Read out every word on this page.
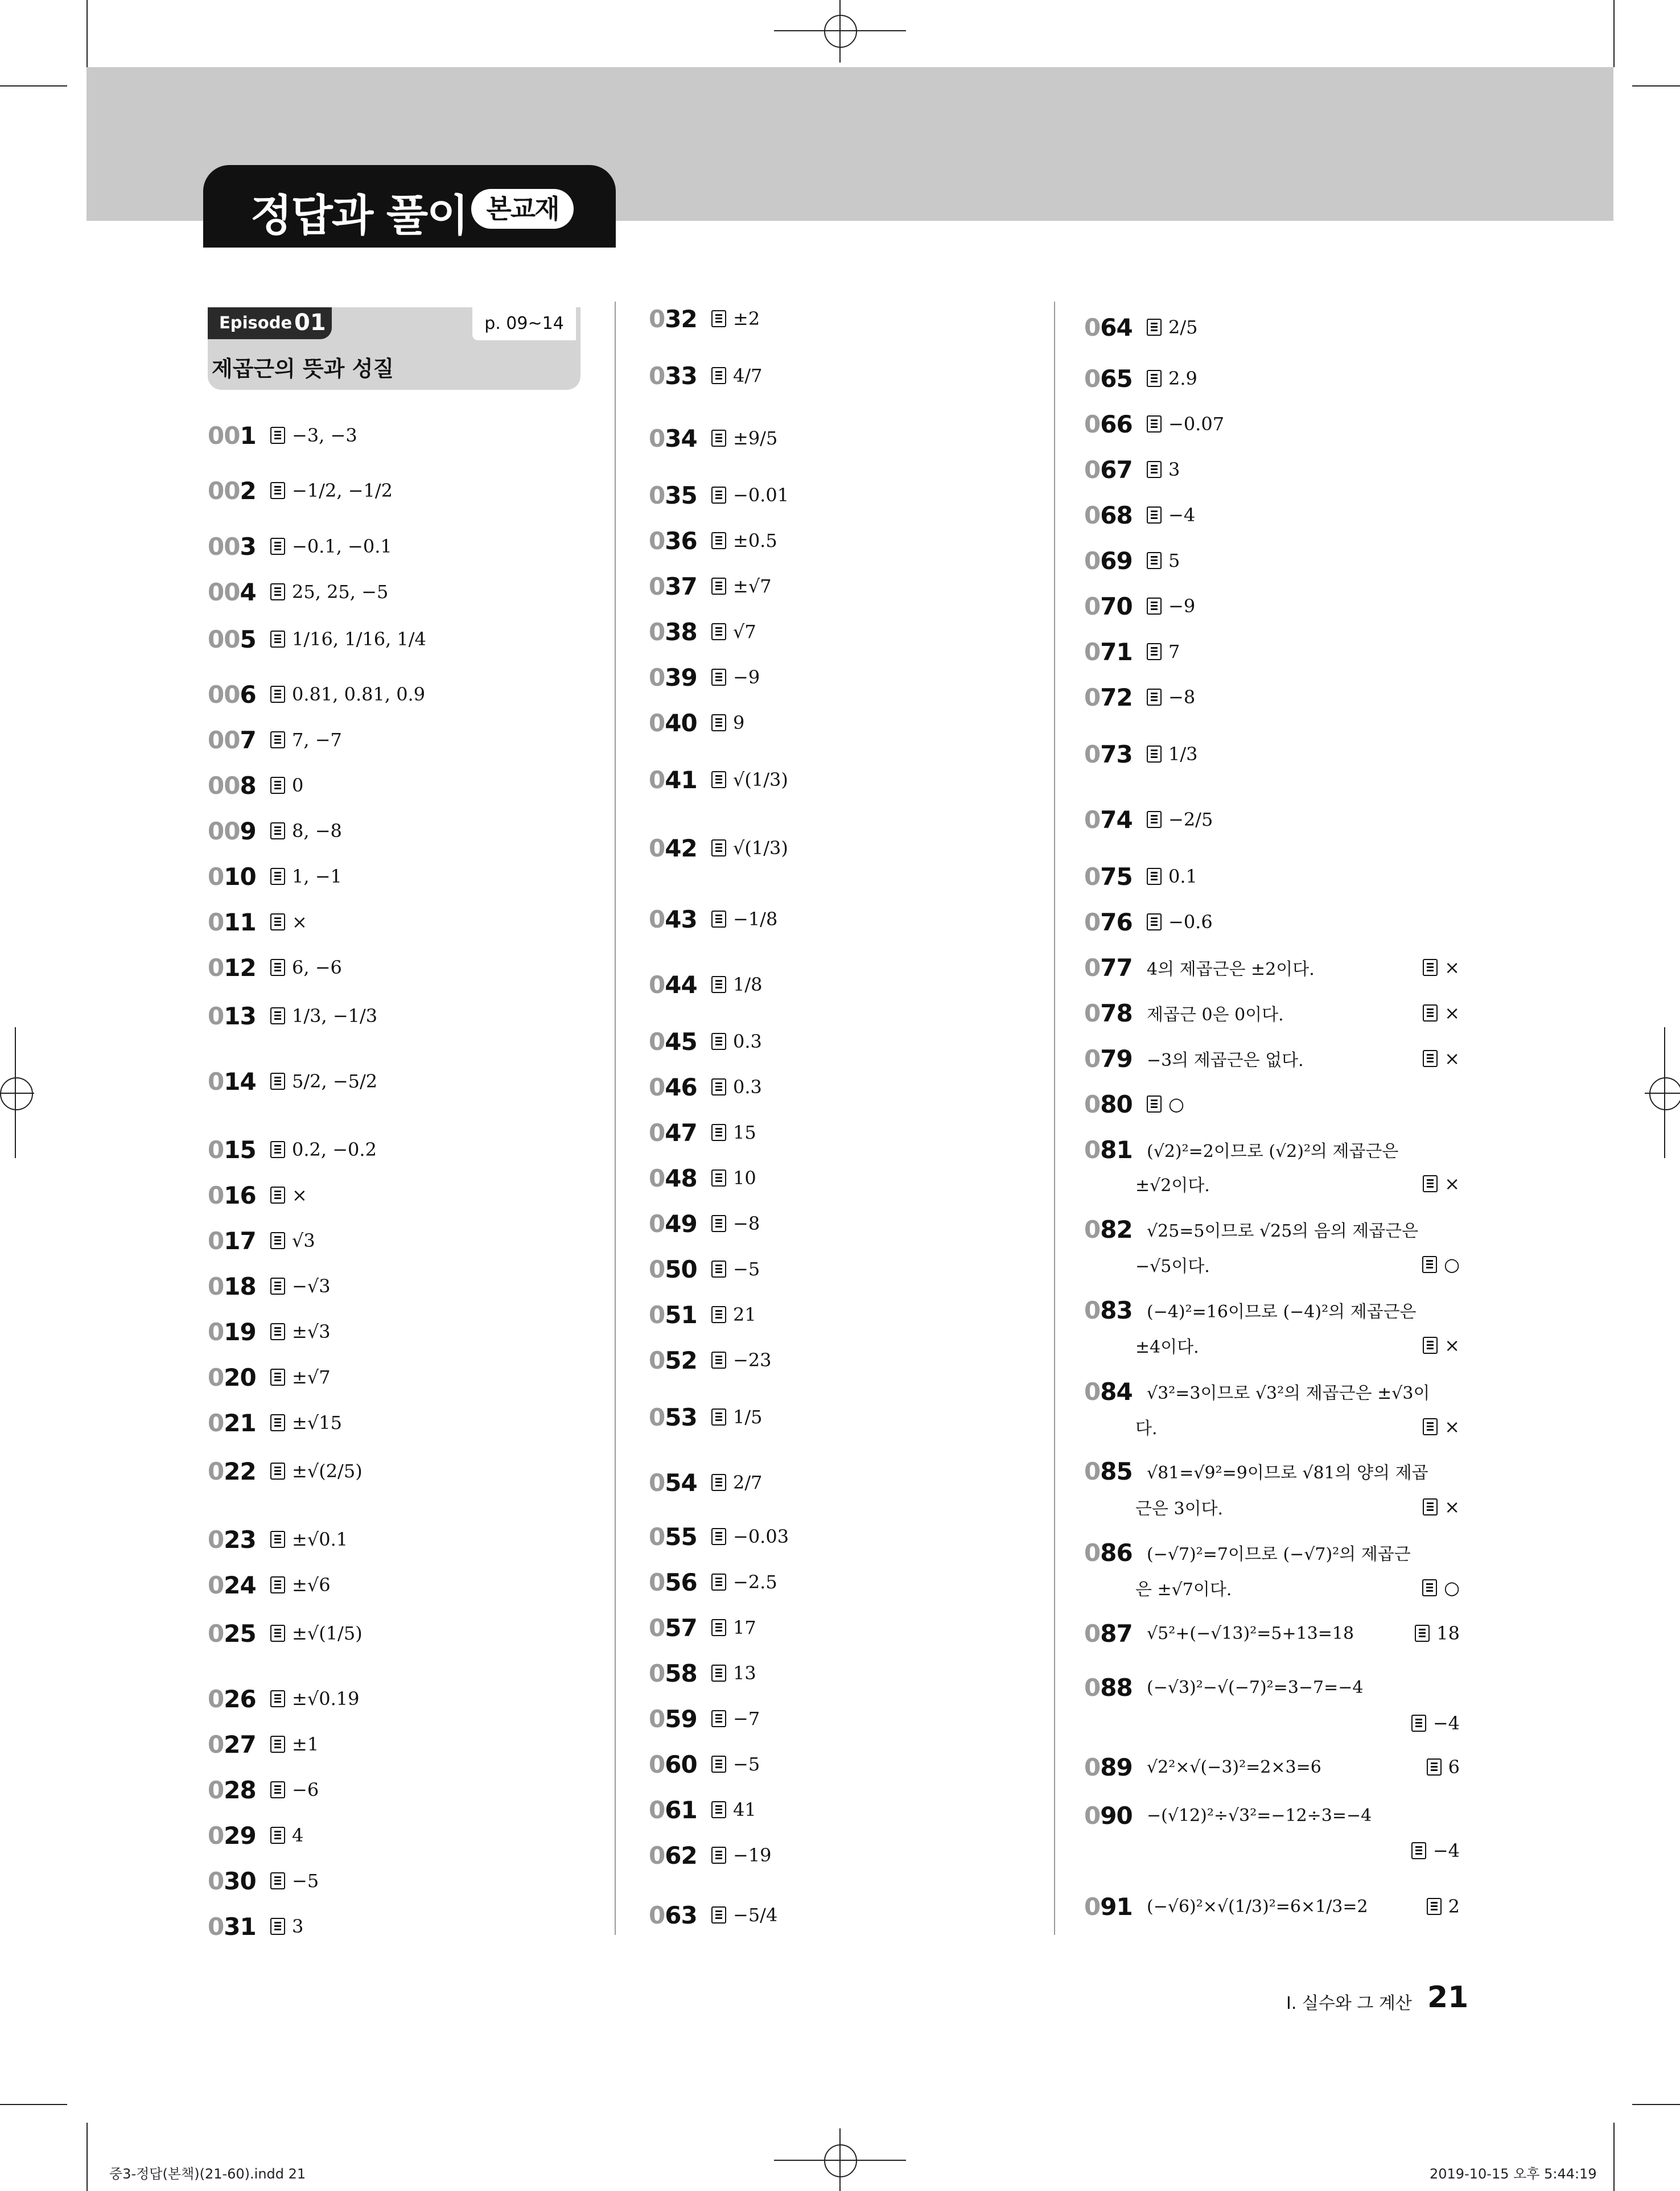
정답과 풀이 본교재
Episode 01	p. 09~14
제곱근의 뜻과 성질
001	−3, −3
002	−1/2, −1/2
003	−0.1, −0.1
004	25, 25, −5
005	1/16, 1/16, 1/4
006	0.81, 0.81, 0.9
007	7, −7
008	0
009	8, −8
010	1, −1
011	×
012	6, −6
013	1/3, −1/3
014	5/2, −5/2
015	0.2, −0.2
016	×
017	√3
018	−√3
019	±√3
020	±√7
021	±√15
022	±√(2/5)
023	±√0.1
024	±√6
025	±√(1/5)
026	±√0.19
027	±1
028	−6
029	4
030	−5
031	3
032	±2
033	4/7
034	±9/5
035	−0.01
036	±0.5
037	±√7
038	√7
039	−9
040	9
041	√(1/3)
042	√(1/3)
043	−1/8
044	1/8
045	0.3
046	0.3
047	15
048	10
049	−8
050	−5
051	21
052	−23
053	1/5
054	2/7
055	−0.03
056	−2.5
057	17
058	13
059	−7
060	−5
061	41
062	−19
063	−5/4
064	2/5
065	2.9
066	−0.07
067	3
068	−4
069	5
070	−9
071	7
072	−8
073	1/3
074	−2/5
075	0.1
076	−0.6
077 4의 제곱근은 ±2이다.	×
078 제곱근 0은 0이다.	×
079 −3의 제곱근은 없다.	×
080	○
081 (√2)²=2이므로 (√2)²의 제곱근은
±√2이다.	×
082 √25=5이므로 √25의 음의 제곱근은
−√5이다.	○
083 (−4)²=16이므로 (−4)²의 제곱근은
±4이다.	×
084 √3²=3이므로 √3²의 제곱근은 ±√3이
다.	×
085 √81=√9²=9이므로 √81의 양의 제곱
근은 3이다.	×
086 (−√7)²=7이므로 (−√7)²의 제곱근
은 ±√7이다.	○
087 √5²+(−√13)²=5+13=18	18
088 (−√3)²−√(−7)²=3−7=−4
−4
089 √2²×√(−3)²=2×3=6	6
090 −(√12)²÷√3²=−12÷3=−4
−4
091 (−√6)²×√(1/3)²=6×1/3=2	2
I. 실수와 그 계산 21
중3-정답(본책)(21-60).indd 21	2019-10-15 오후 5:44:19
